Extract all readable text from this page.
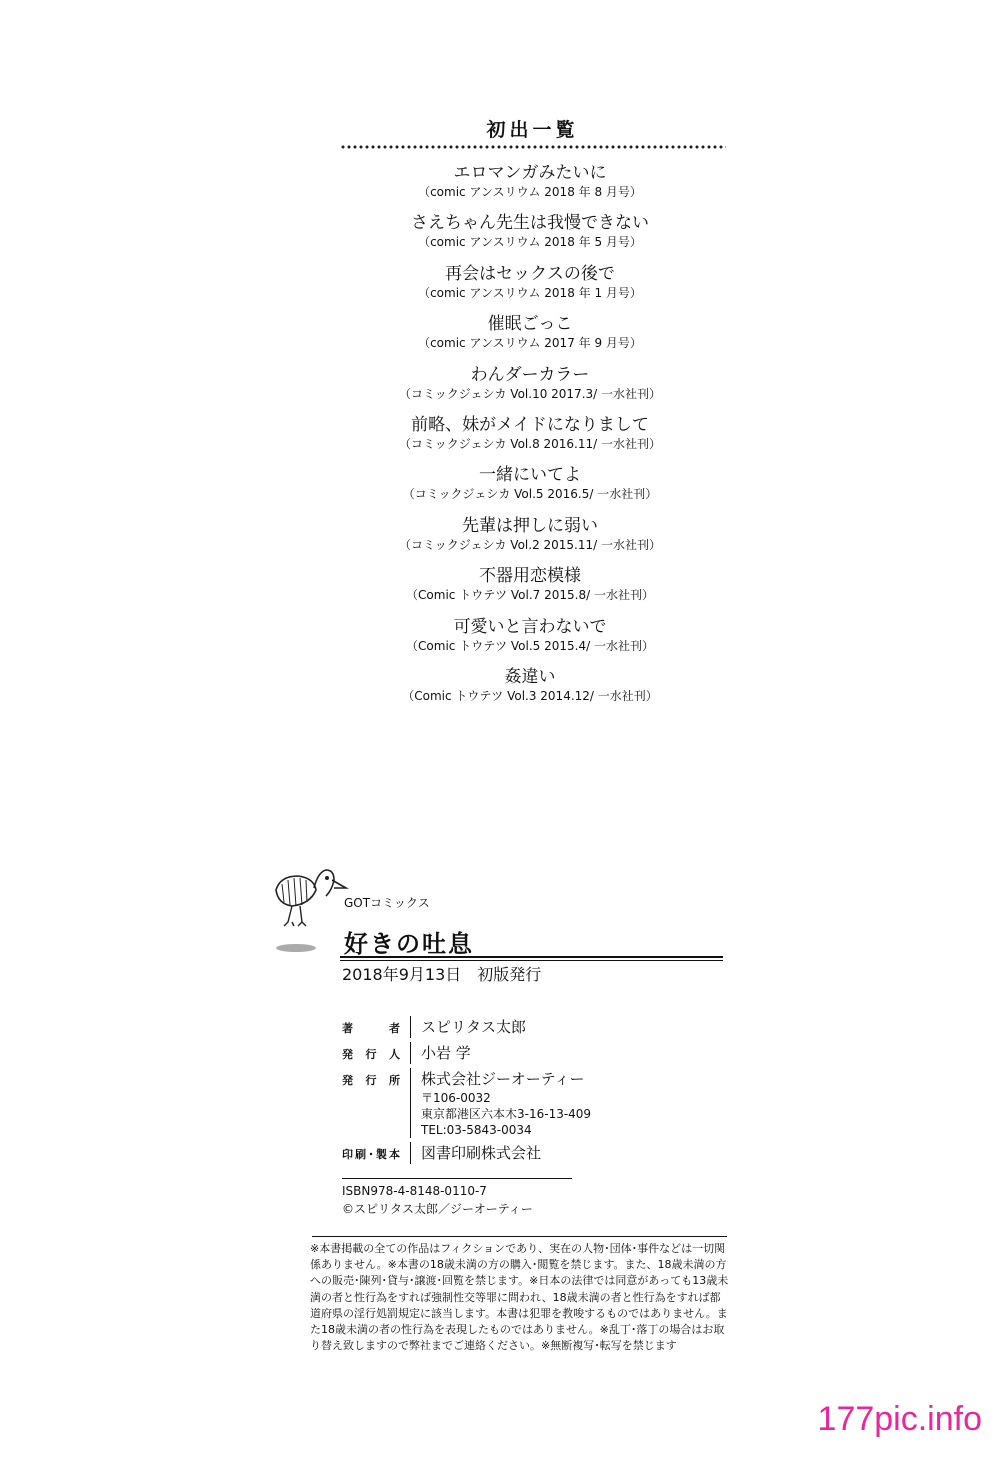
初出一覧
エロマンガみたいに
（comic アンスリウム 2018 年 8 月号）
さえちゃん先生は我慢できない
（comic アンスリウム 2018 年 5 月号）
再会はセックスの後で
（comic アンスリウム 2018 年 1 月号）
催眠ごっこ
（comic アンスリウム 2017 年 9 月号）
わんダーカラー
（コミックジェシカ Vol.10 2017.3/ 一水社刊）
前略、妹がメイドになりまして
（コミックジェシカ Vol.8 2016.11/ 一水社刊）
一緒にいてよ
（コミックジェシカ Vol.5 2016.5/ 一水社刊）
先輩は押しに弱い
（コミックジェシカ Vol.2 2015.11/ 一水社刊）
不器用恋模様
（Comic トウテツ Vol.7 2015.8/ 一水社刊）
可愛いと言わないで
（Comic トウテツ Vol.5 2015.4/ 一水社刊）
姦違い
（Comic トウテツ Vol.3 2014.12/ 一水社刊）
GOTコミックス
好きの吐息
2018年9月13日 初版発行
著者	スピリタス太郎
発行人	小岩 学
発行所 株式会社ジーオーティー
〒106-0032
東京都港区六本木3-16-13-409
TEL:03-5843-0034
印刷･製本	図書印刷株式会社
ISBN978-4-8148-0110-7
©スピリタス太郎／ジーオーティー
※本書掲載の全ての作品はフィクションであり、実在の人物･団体･事件などは一切関係ありません。※本書の18歳未満の方の購入･閲覧を禁じます。また、18歳未満の方への販売･陳列･貸与･譲渡･回覧を禁じます。※日本の法律では同意があっても13歳未満の者と性行為をすれば強制性交等罪に問われ、18歳未満の者と性行為をすれば都道府県の淫行処罰規定に該当します。本書は犯罪を教唆するものではありません。また18歳未満の者の性行為を表現したものではありません。※乱丁･落丁の場合はお取り替え致しますので弊社までご連絡ください。※無断複写･転写を禁じます
177pic.info
